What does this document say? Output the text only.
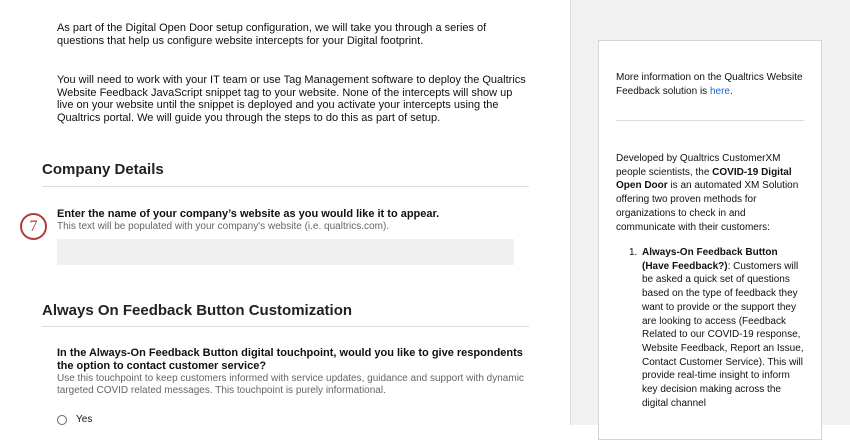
As part of the Digital Open Door setup configuration, we will take you through a series of questions that help us configure website intercepts for your Digital footprint.
You will need to work with your IT team or use Tag Management software to deploy the Qualtrics Website Feedback JavaScript snippet tag to your website. None of the intercepts will show up live on your website until the snippet is deployed and you activate your intercepts using the Qualtrics portal. We will guide you through the steps to do this as part of setup.
Company Details
7
Enter the name of your company’s website as you would like it to appear.
This text will be populated with your company's website (i.e. qualtrics.com).
Always On Feedback Button Customization
In the Always-On Feedback Button digital touchpoint, would you like to give respondents the option to contact customer service?
Use this touchpoint to keep customers informed with service updates, guidance and support with dynamic targeted COVID related messages. This touchpoint is purely informational.
Yes
More information on the Qualtrics Website Feedback solution is here.
Developed by Qualtrics CustomerXM people scientists, the COVID-19 Digital Open Door is an automated XM Solution offering two proven methods for organizations to check in and communicate with their customers:
1. Always-On Feedback Button (Have Feedback?): Customers will be asked a quick set of questions based on the type of feedback they want to provide or the support they are looking to access (Feedback Related to our COVID-19 response, Website Feedback, Report an Issue, Contact Customer Service). This will provide real-time insight to inform key decision making across the digital channel
